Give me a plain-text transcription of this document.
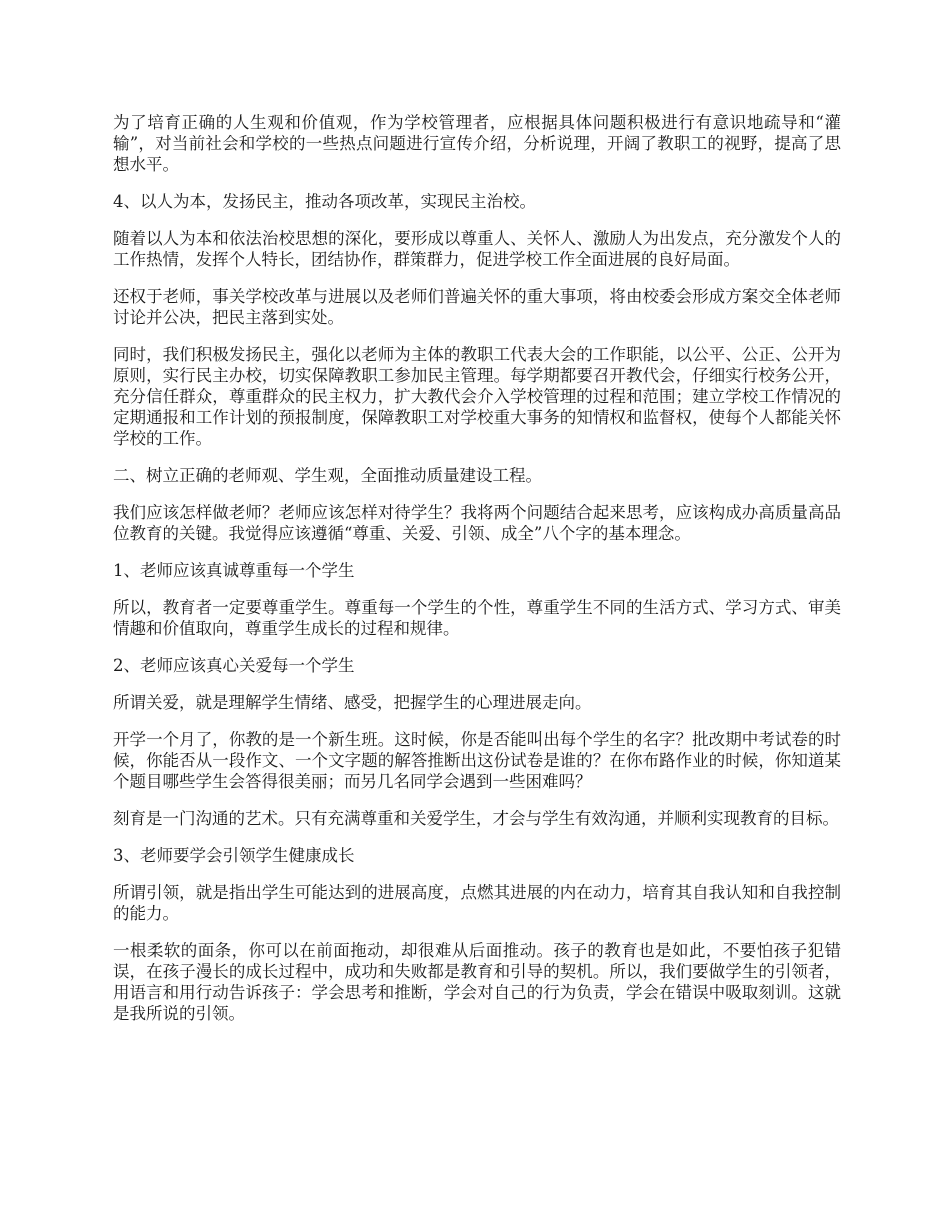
为了培育正确的人生观和价值观，作为学校管理者，应根据具体问题积极进行有意识地疏导和“灌输”，对当前社会和学校的一些热点问题进行宣传介绍，分析说理，开阔了教职工的视野，提高了思想水平。

4、以人为本，发扬民主，推动各项改革，实现民主治校。

随着以人为本和依法治校思想的深化，要形成以尊重人、关怀人、激励人为出发点，充分激发个人的工作热情，发挥个人特长，团结协作，群策群力，促进学校工作全面进展的良好局面。

还权于老师，事关学校改革与进展以及老师们普遍关怀的重大事项，将由校委会形成方案交全体老师讨论并公决，把民主落到实处。

同时，我们积极发扬民主，强化以老师为主体的教职工代表大会的工作职能，以公平、公正、公开为原则，实行民主办校，切实保障教职工参加民主管理。每学期都要召开教代会，仔细实行校务公开，充分信任群众，尊重群众的民主权力，扩大教代会介入学校管理的过程和范围；建立学校工作情况的定期通报和工作计划的预报制度，保障教职工对学校重大事务的知情权和监督权，使每个人都能关怀学校的工作。

二、树立正确的老师观、学生观，全面推动质量建设工程。

我们应该怎样做老师？老师应该怎样对待学生？我将两个问题结合起来思考，应该构成办高质量高品位教育的关键。我觉得应该遵循“尊重、关爱、引领、成全”八个字的基本理念。

1、老师应该真诚尊重每一个学生

所以，教育者一定要尊重学生。尊重每一个学生的个性，尊重学生不同的生活方式、学习方式、审美情趣和价值取向，尊重学生成长的过程和规律。

2、老师应该真心关爱每一个学生

所谓关爱，就是理解学生情绪、感受，把握学生的心理进展走向。

开学一个月了，你教的是一个新生班。这时候，你是否能叫出每个学生的名字？批改期中考试卷的时候，你能否从一段作文、一个文字题的解答推断出这份试卷是谁的？在你布路作业的时候，你知道某个题目哪些学生会答得很美丽；而另几名同学会遇到一些困难吗？

刻育是一门沟通的艺术。只有充满尊重和关爱学生，才会与学生有效沟通，并顺利实现教育的目标。

3、老师要学会引领学生健康成长

所谓引领，就是指出学生可能达到的进展高度，点燃其进展的内在动力，培育其自我认知和自我控制的能力。

一根柔软的面条，你可以在前面拖动，却很难从后面推动。孩子的教育也是如此，不要怕孩子犯错误，在孩子漫长的成长过程中，成功和失败都是教育和引导的契机。所以，我们要做学生的引领者，用语言和用行动告诉孩子：学会思考和推断，学会对自己的行为负责，学会在错误中吸取刻训。这就是我所说的引领。
